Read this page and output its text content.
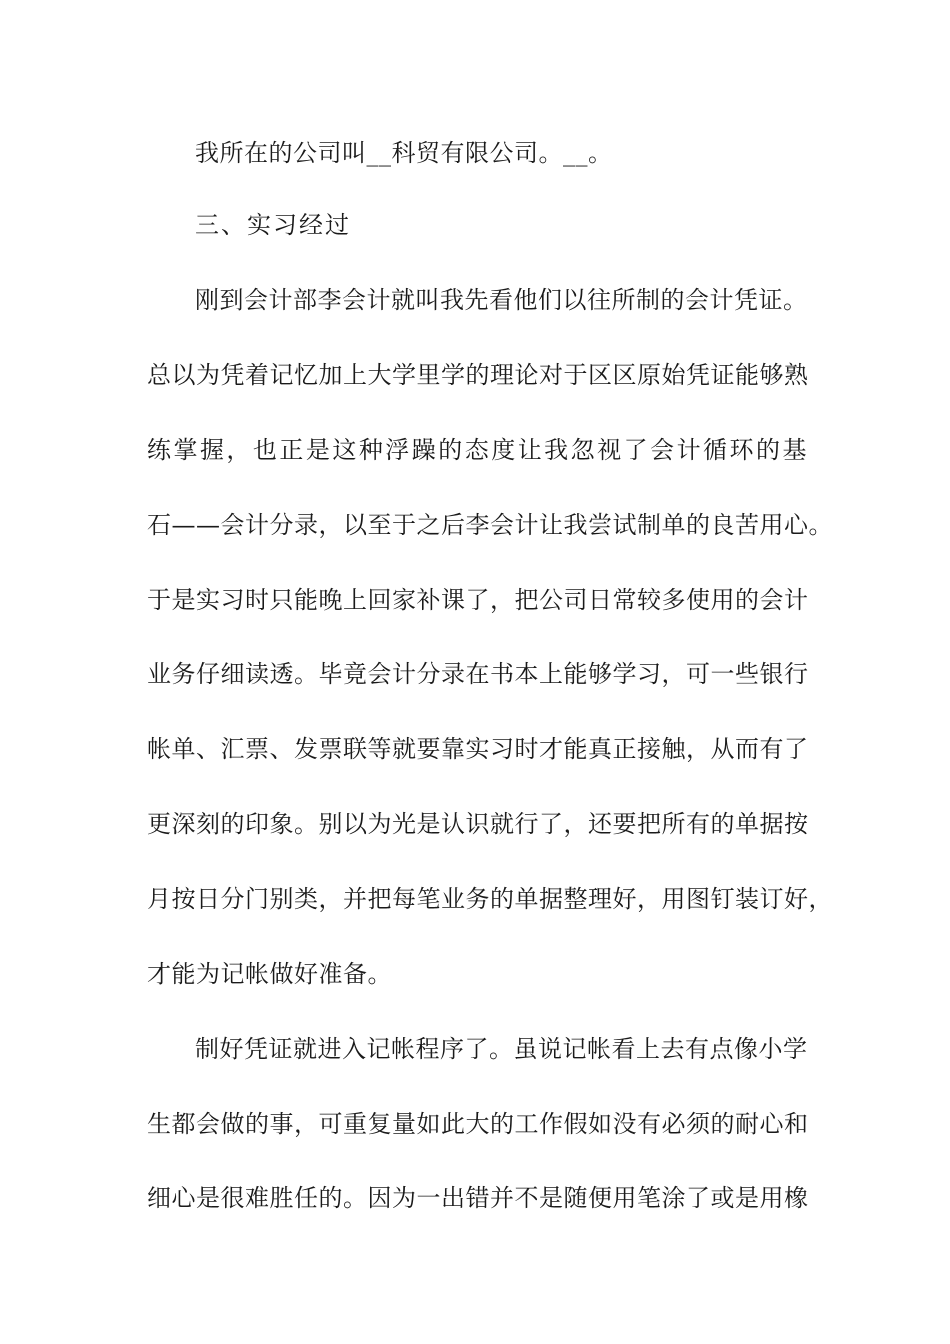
我所在的公司叫__科贸有限公司。__。
三、实习经过
刚到会计部李会计就叫我先看他们以往所制的会计凭证。
总以为凭着记忆加上大学里学的理论对于区区原始凭证能够熟
练掌握，也正是这种浮躁的态度让我忽视了会计循环的基
石——会计分录，以至于之后李会计让我尝试制单的良苦用心。
于是实习时只能晚上回家补课了，把公司日常较多使用的会计
业务仔细读透。毕竟会计分录在书本上能够学习，可一些银行
帐单、汇票、发票联等就要靠实习时才能真正接触，从而有了
更深刻的印象。别以为光是认识就行了，还要把所有的单据按
月按日分门别类，并把每笔业务的单据整理好，用图钉装订好，
才能为记帐做好准备。
制好凭证就进入记帐程序了。虽说记帐看上去有点像小学
生都会做的事，可重复量如此大的工作假如没有必须的耐心和
细心是很难胜任的。因为一出错并不是随便用笔涂了或是用橡
